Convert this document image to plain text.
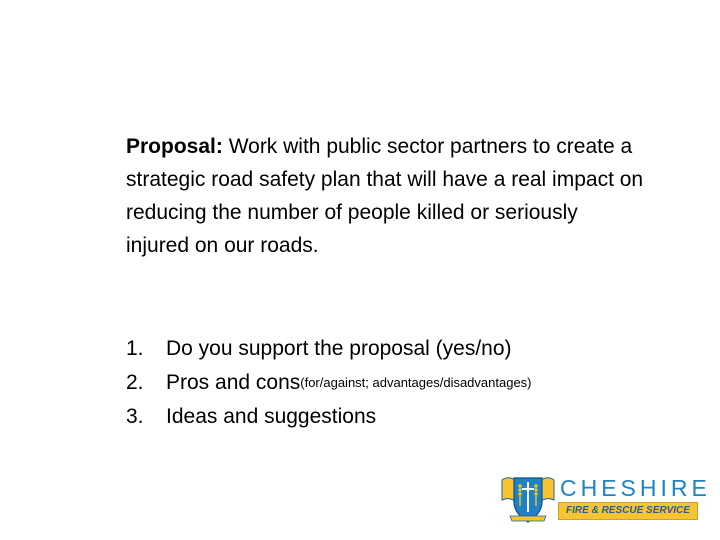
Proposal: Work with public sector partners to create a strategic road safety plan that will have a real impact on reducing the number of people killed or seriously injured on our roads.

1.	Do you support the proposal (yes/no)
2.	Pros and cons (for/against; advantages/disadvantages)
3.	Ideas and suggestions
CHESHIRE
FIRE & RESCUE SERVICE
